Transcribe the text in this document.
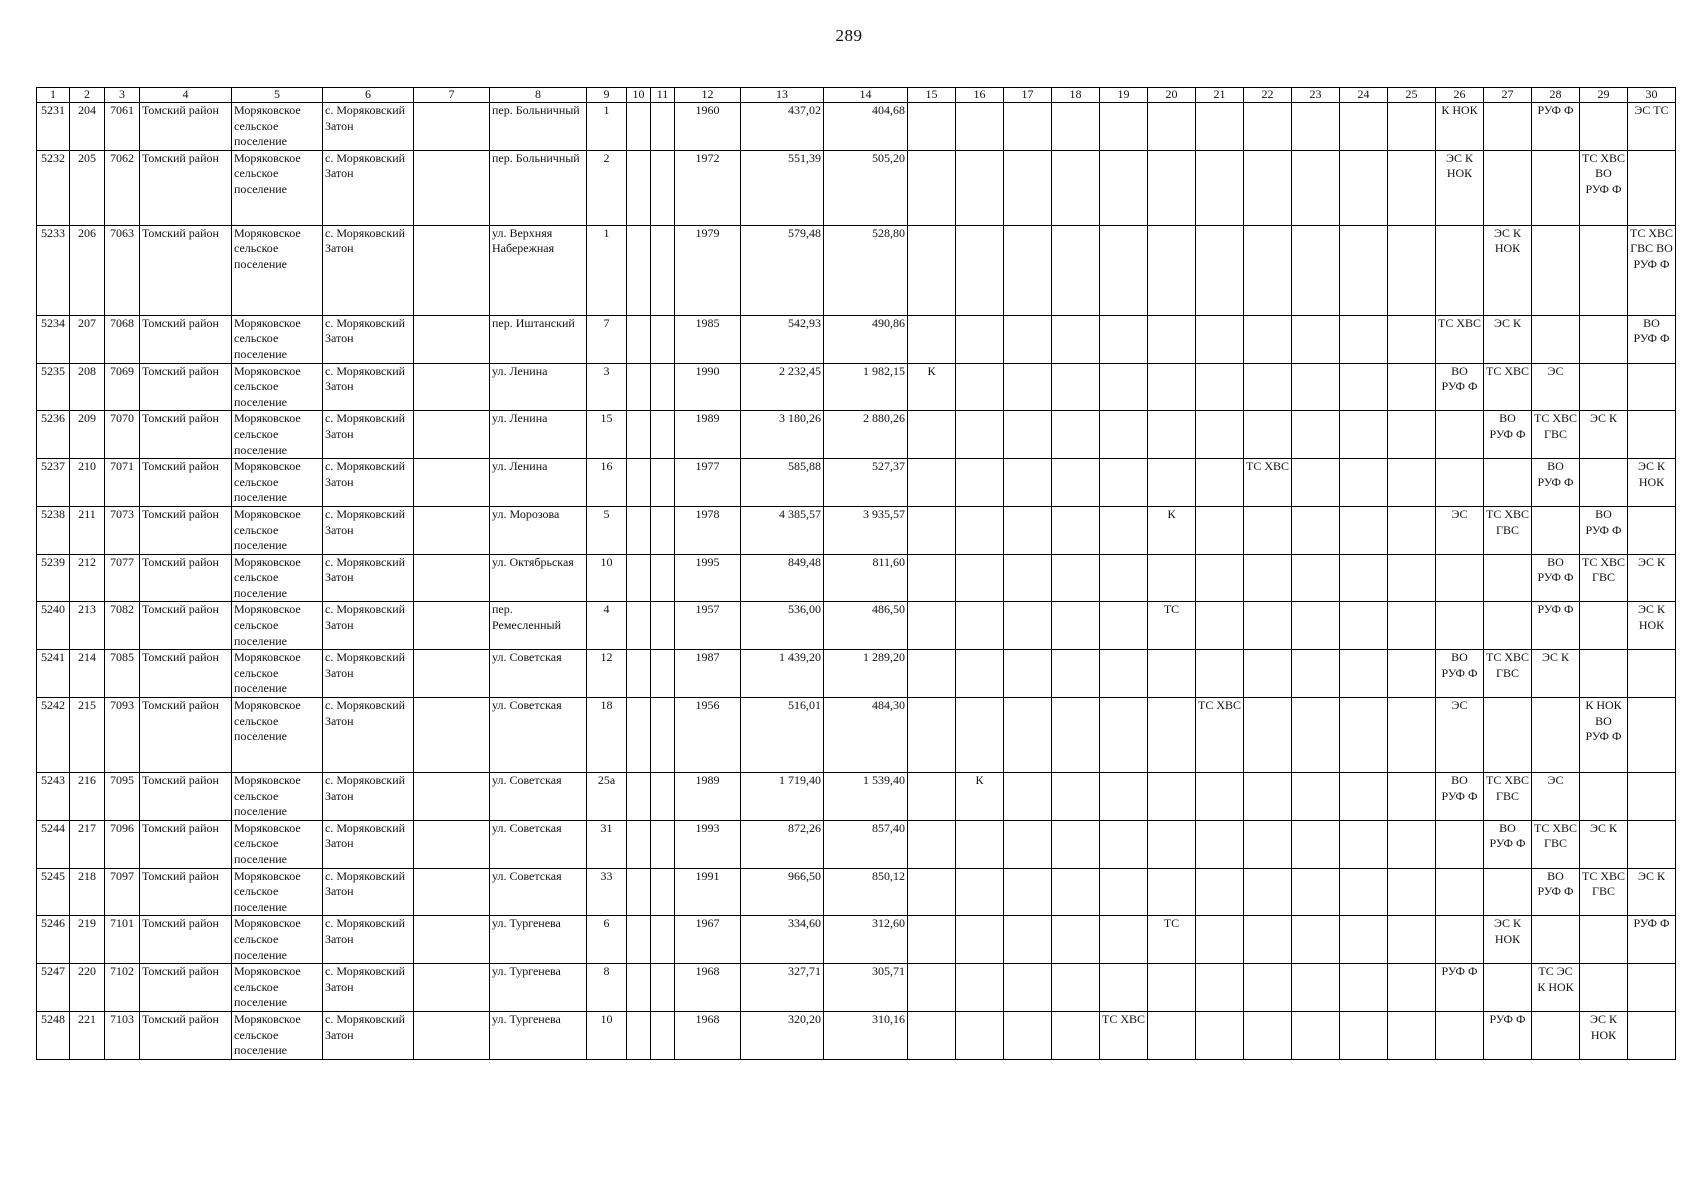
289
1	2	3	4	5	6	7	8	9	10	11	12	13	14	15	16	17	18	19	20	21	22	23	24	25	26	27	28	29	30
5231	204	7061	Томский район	Моряковское сельское поселение	с. Моряковский Затон		пер. Больничный	1			1960	437,02	404,68												К НОК		РУФ Ф		ЭС ТС
5232	205	7062	Томский район	Моряковское сельское поселение	с. Моряковский Затон		пер. Больничный	2			1972	551,39	505,20												ЭС К НОК			ТС ХВС ВО РУФ Ф	
5233	206	7063	Томский район	Моряковское сельское поселение	с. Моряковский Затон		ул. Верхняя Набережная	1			1979	579,48	528,80													ЭС К НОК			ТС ХВС ГВС ВО РУФ Ф
5234	207	7068	Томский район	Моряковское сельское поселение	с. Моряковский Затон		пер. Иштанский	7			1985	542,93	490,86												ТС ХВС	ЭС К			ВО РУФ Ф
5235	208	7069	Томский район	Моряковское сельское поселение	с. Моряковский Затон		ул. Ленина	3			1990	2 232,45	1 982,15	К											ВО РУФ Ф	ТС ХВС	ЭС		
5236	209	7070	Томский район	Моряковское сельское поселение	с. Моряковский Затон		ул. Ленина	15			1989	3 180,26	2 880,26													ВО РУФ Ф	ТС ХВС ГВС	ЭС К	
5237	210	7071	Томский район	Моряковское сельское поселение	с. Моряковский Затон		ул. Ленина	16			1977	585,88	527,37								ТС ХВС						ВО РУФ Ф		ЭС К НОК
5238	211	7073	Томский район	Моряковское сельское поселение	с. Моряковский Затон		ул. Морозова	5			1978	4 385,57	3 935,57						К						ЭС	ТС ХВС ГВС		ВО РУФ Ф	
5239	212	7077	Томский район	Моряковское сельское поселение	с. Моряковский Затон		ул. Октябрьская	10			1995	849,48	811,60														ВО РУФ Ф	ТС ХВС ГВС	ЭС К
5240	213	7082	Томский район	Моряковское сельское поселение	с. Моряковский Затон		пер. Ремесленный	4			1957	536,00	486,50						ТС								РУФ Ф		ЭС К НОК
5241	214	7085	Томский район	Моряковское сельское поселение	с. Моряковский Затон		ул. Советская	12			1987	1 439,20	1 289,20												ВО РУФ Ф	ТС ХВС ГВС	ЭС К		
5242	215	7093	Томский район	Моряковское сельское поселение	с. Моряковский Затон		ул. Советская	18			1956	516,01	484,30							ТС ХВС					ЭС			К НОК ВО РУФ Ф	
5243	216	7095	Томский район	Моряковское сельское поселение	с. Моряковский Затон		ул. Советская	25а			1989	1 719,40	1 539,40		К										ВО РУФ Ф	ТС ХВС ГВС	ЭС		
5244	217	7096	Томский район	Моряковское сельское поселение	с. Моряковский Затон		ул. Советская	31			1993	872,26	857,40													ВО РУФ Ф	ТС ХВС ГВС	ЭС К	
5245	218	7097	Томский район	Моряковское сельское поселение	с. Моряковский Затон		ул. Советская	33			1991	966,50	850,12														ВО РУФ Ф	ТС ХВС ГВС	ЭС К
5246	219	7101	Томский район	Моряковское сельское поселение	с. Моряковский Затон		ул. Тургенева	6			1967	334,60	312,60						ТС							ЭС К НОК			РУФ Ф
5247	220	7102	Томский район	Моряковское сельское поселение	с. Моряковский Затон		ул. Тургенева	8			1968	327,71	305,71												РУФ Ф		ТС ЭС К НОК		
5248	221	7103	Томский район	Моряковское сельское поселение	с. Моряковский Затон		ул. Тургенева	10			1968	320,20	310,16					ТС ХВС								РУФ Ф		ЭС К НОК	
